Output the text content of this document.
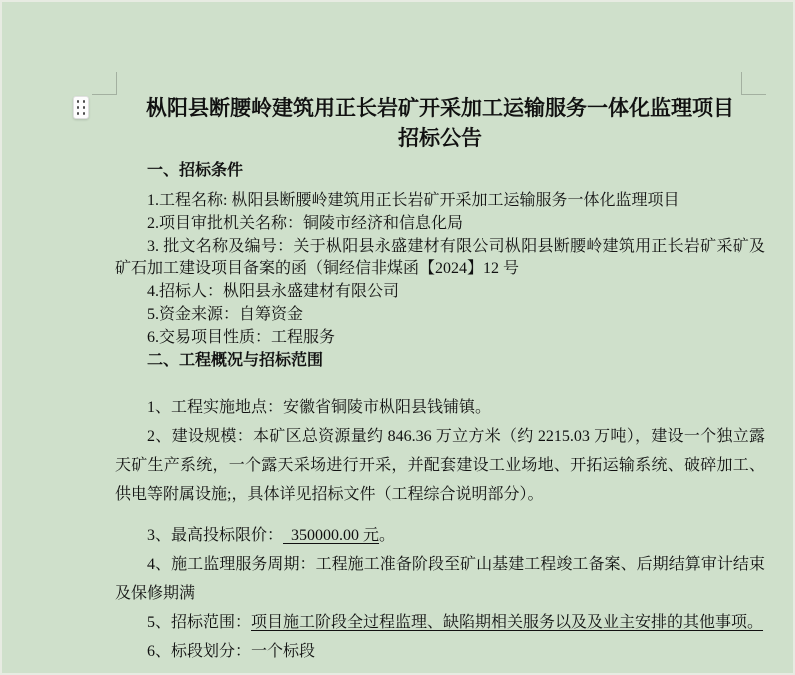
枞阳县断腰岭建筑用正长岩矿开采加工运输服务一体化监理项目
招标公告

一、招标条件

1.工程名称: 枞阳县断腰岭建筑用正长岩矿开采加工运输服务一体化监理项目

2.项目审批机关名称：铜陵市经济和信息化局

3. 批文名称及编号：关于枞阳县永盛建材有限公司枞阳县断腰岭建筑用正长岩矿采矿及矿石加工建设项目备案的函（铜经信非煤函【2024】12 号

4.招标人：枞阳县永盛建材有限公司

5.资金来源：自筹资金

6.交易项目性质：工程服务

二、工程概况与招标范围

1、工程实施地点：安徽省铜陵市枞阳县钱铺镇。

2、建设规模：本矿区总资源量约 846.36 万立方米（约 2215.03 万吨），建设一个独立露天矿生产系统，一个露天采场进行开采，并配套建设工业场地、开拓运输系统、破碎加工、供电等附属设施;，具体详见招标文件（工程综合说明部分）。

3、最高投标限价：  350000.00 元。

4、施工监理服务周期：工程施工准备阶段至矿山基建工程竣工备案、后期结算审计结束及保修期满

5、招标范围：项目施工阶段全过程监理、缺陷期相关服务以及及业主安排的其他事项。

6、标段划分：一个标段
